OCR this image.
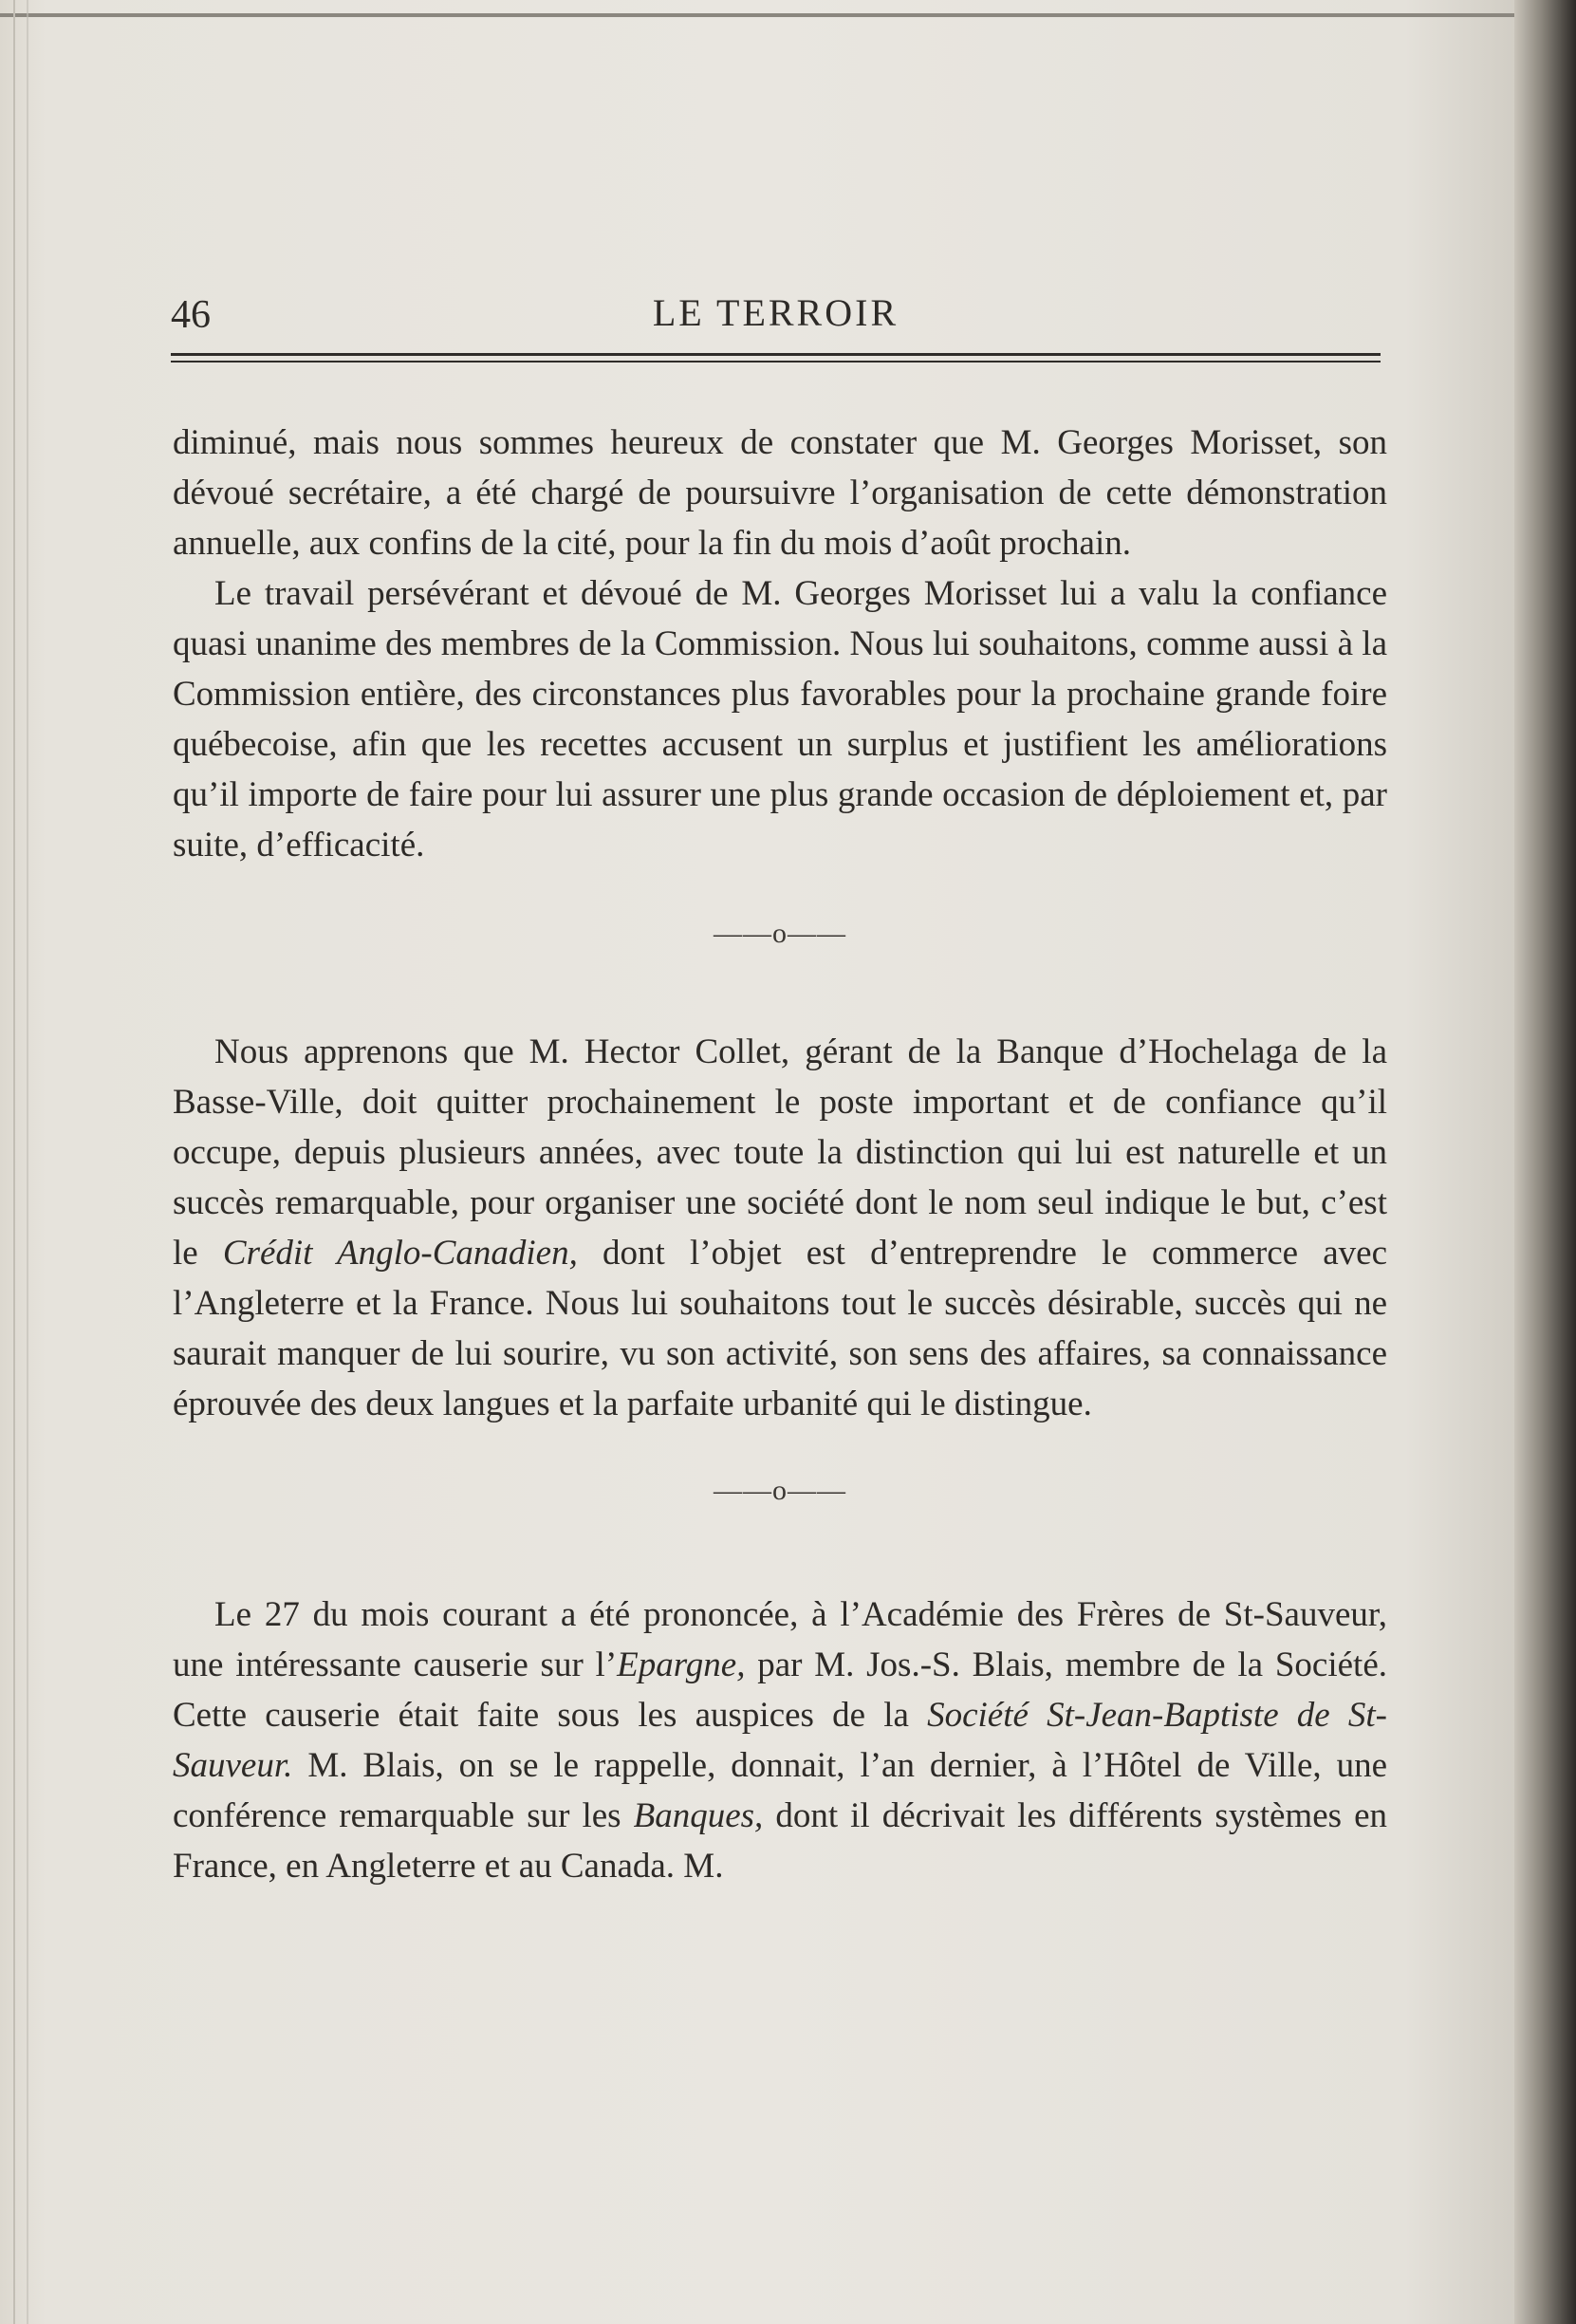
46	LE TERROIR

diminué, mais nous sommes heureux de constater que M. Georges Morisset, son dévoué secrétaire, a été chargé de poursuivre l’organisation de cette démonstration annuelle, aux confins de la cité, pour la fin du mois d’août prochain.

Le travail persévérant et dévoué de M. Georges Morisset lui a valu la confiance quasi unanime des membres de la Commission. Nous lui souhaitons, comme aussi à la Commission entière, des circonstances plus favorables pour la prochaine grande foire québecoise, afin que les recettes accusent un surplus et justifient les améliorations qu’il importe de faire pour lui assurer une plus grande occasion de déploiement et, par suite, d’efficacité.

——o——

Nous apprenons que M. Hector Collet, gérant de la Banque d’Hochelaga de la Basse-Ville, doit quitter prochainement le poste important et de confiance qu’il occupe, depuis plusieurs années, avec toute la distinction qui lui est naturelle et un succès remarquable, pour organiser une société dont le nom seul indique le but, c’est le Crédit Anglo-Canadien, dont l’objet est d’entreprendre le commerce avec l’Angleterre et la France. Nous lui souhaitons tout le succès désirable, succès qui ne saurait manquer de lui sourire, vu son activité, son sens des affaires, sa connaissance éprouvée des deux langues et la parfaite urbanité qui le distingue.

——o——

Le 27 du mois courant a été prononcée, à l’Académie des Frères de St-Sauveur, une intéressante causerie sur l’Epargne, par M. Jos.-S. Blais, membre de la Société. Cette causerie était faite sous les auspices de la Société St-Jean-Baptiste de St-Sauveur. M. Blais, on se le rappelle, donnait, l’an dernier, à l’Hôtel de Ville, une conférence remarquable sur les Banques, dont il décrivait les différents systèmes en France, en Angleterre et au Canada. M.
